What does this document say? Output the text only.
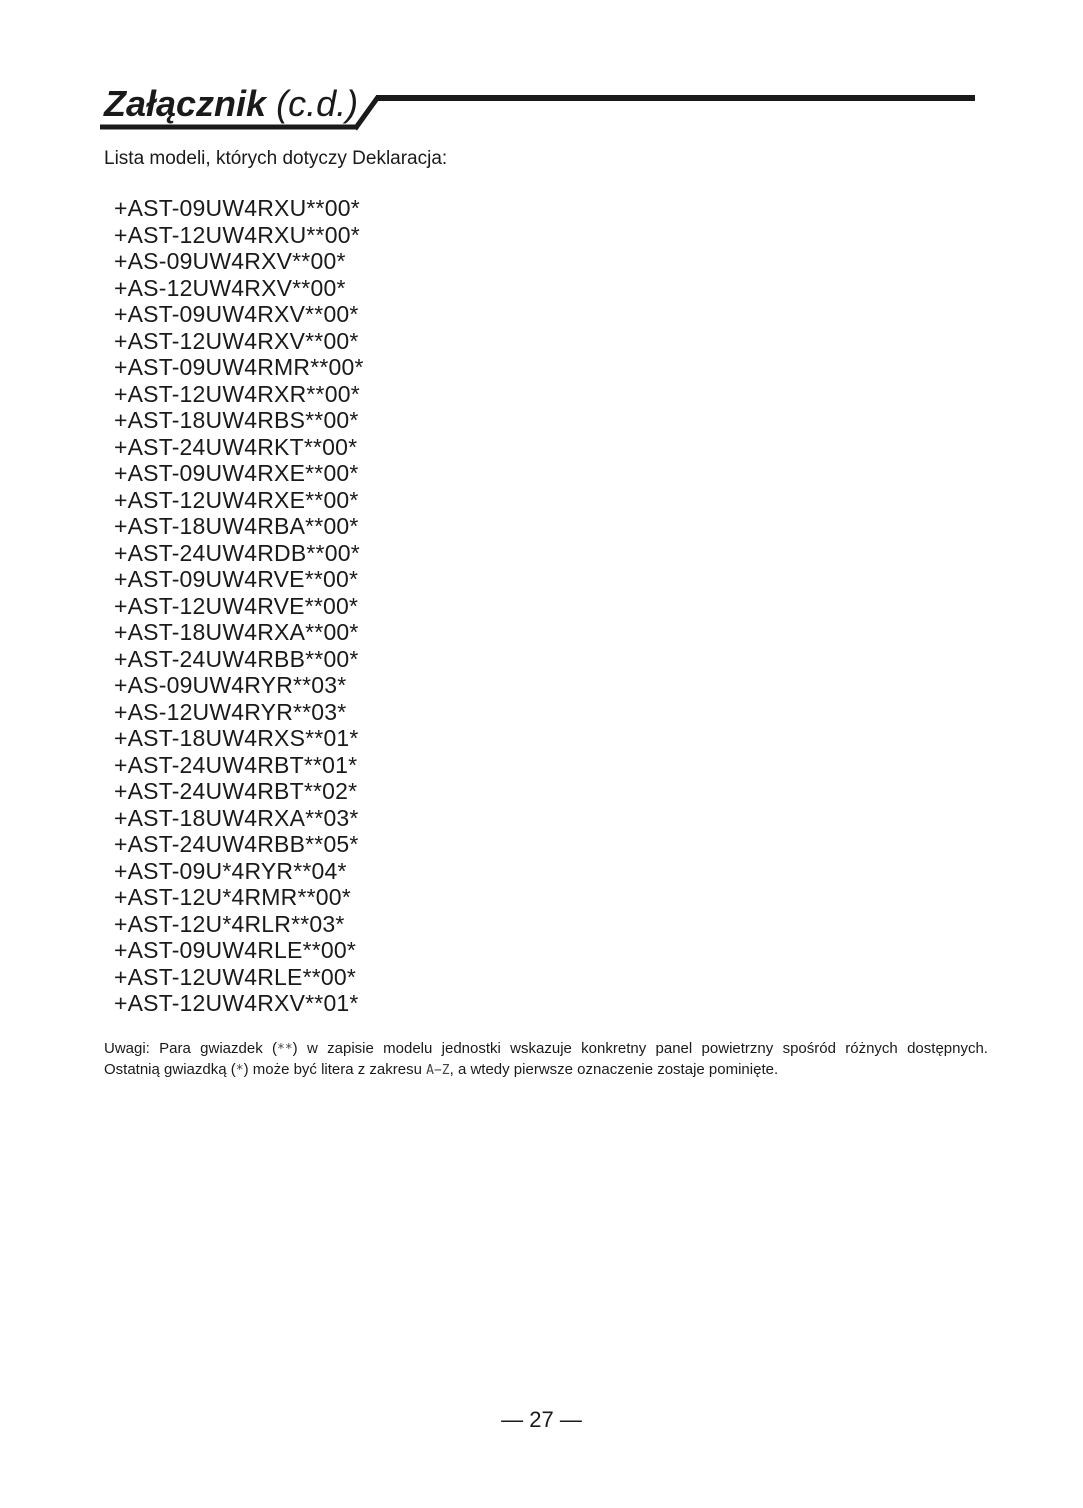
Załącznik (c.d.)
Lista modeli, których dotyczy Deklaracja:
+AST-09UW4RXU**00*
+AST-12UW4RXU**00*
+AS-09UW4RXV**00*
+AS-12UW4RXV**00*
+AST-09UW4RXV**00*
+AST-12UW4RXV**00*
+AST-09UW4RMR**00*
+AST-12UW4RXR**00*
+AST-18UW4RBS**00*
+AST-24UW4RKT**00*
+AST-09UW4RXE**00*
+AST-12UW4RXE**00*
+AST-18UW4RBA**00*
+AST-24UW4RDB**00*
+AST-09UW4RVE**00*
+AST-12UW4RVE**00*
+AST-18UW4RXA**00*
+AST-24UW4RBB**00*
+AS-09UW4RYR**03*
+AS-12UW4RYR**03*
+AST-18UW4RXS**01*
+AST-24UW4RBT**01*
+AST-24UW4RBT**02*
+AST-18UW4RXA**03*
+AST-24UW4RBB**05*
+AST-09U*4RYR**04*
+AST-12U*4RMR**00*
+AST-12U*4RLR**03*
+AST-09UW4RLE**00*
+AST-12UW4RLE**00*
+AST-12UW4RXV**01*

Uwagi: Para gwiazdek (**) w zapisie modelu jednostki wskazuje konkretny panel powietrzny spośród różnych dostępnych.

Ostatnią gwiazdką (*) może być litera z zakresu A−Z, a wtedy pierwsze oznaczenie zostaje pominięte.

— 27 —
